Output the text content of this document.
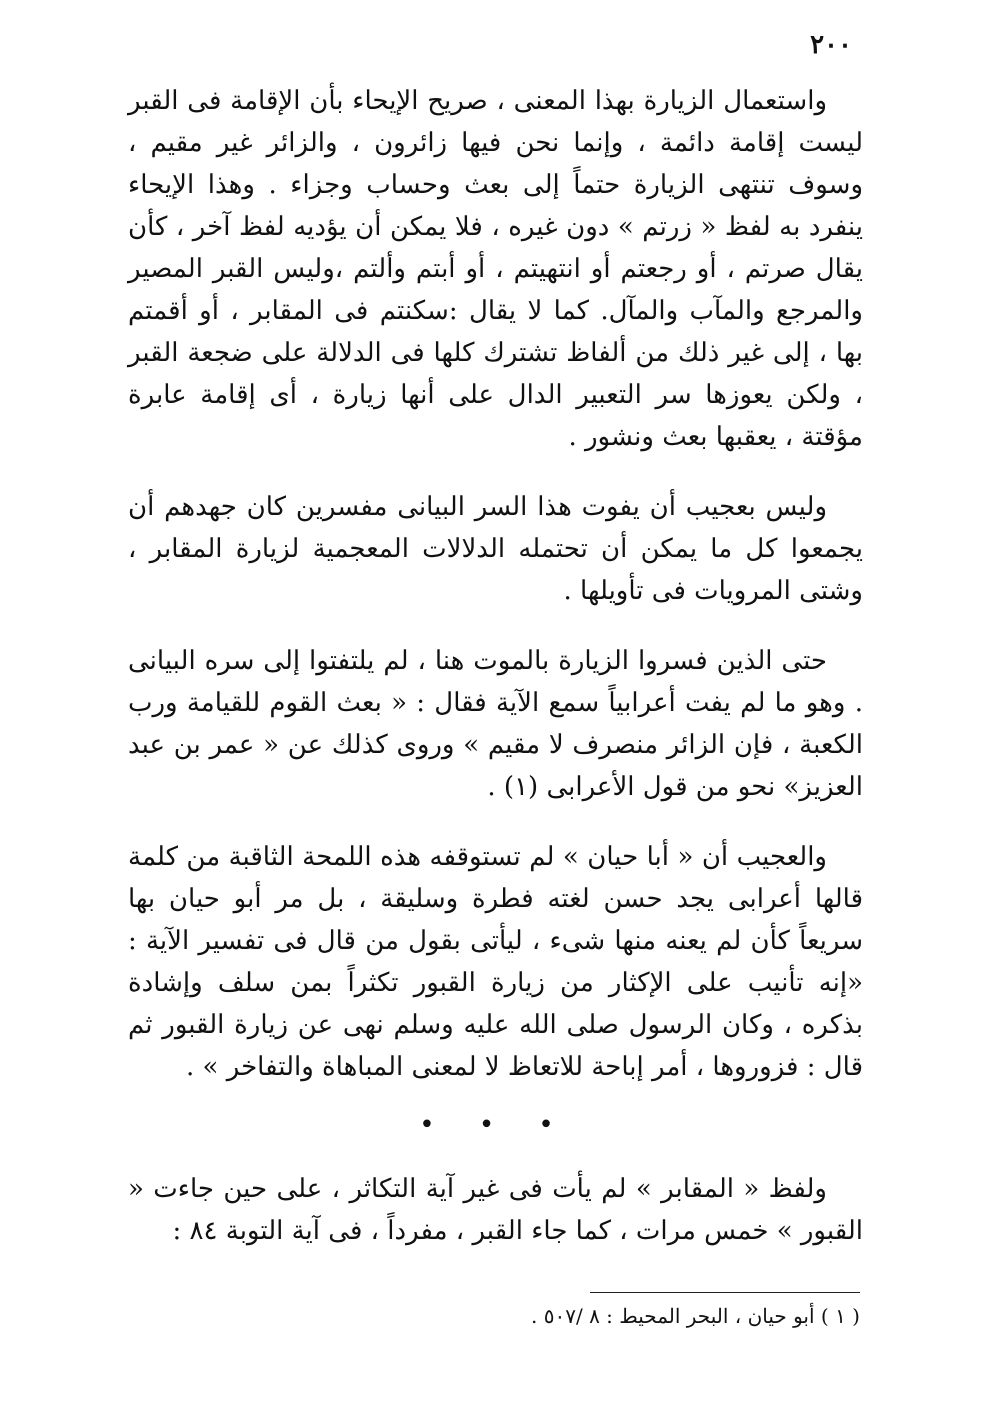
٢٠٠

واستعمال الزيارة بهذا المعنى ، صريح الإيحاء بأن الإقامة فى القبر ليست إقامة دائمة ، وإنما نحن فيها زائرون ، والزائر غير مقيم ، وسوف تنتهى الزيارة حتماً إلى بعث وحساب وجزاء . وهذا الإيحاء ينفرد به لفظ « زرتم » دون غيره ، فلا يمكن أن يؤديه لفظ آخر ، كأن يقال صرتم ، أو رجعتم أو انتهيتم ، أو أبتم وألتم ،وليس القبر المصير والمرجع والمآب والمآل. كما لا يقال :سكنتم فى المقابر ، أو أقمتم بها ، إلى غير ذلك من ألفاظ تشترك كلها فى الدلالة على ضجعة القبر ، ولكن يعوزها سر التعبير الدال على أنها زيارة ، أى إقامة عابرة مؤقتة ، يعقبها بعث ونشور .

وليس بعجيب أن يفوت هذا السر البيانى مفسرين كان جهدهم أن يجمعوا كل ما يمكن أن تحتمله الدلالات المعجمية لزيارة المقابر ، وشتى المرويات فى تأويلها .

حتى الذين فسروا الزيارة بالموت هنا ، لم يلتفتوا إلى سره البيانى . وهو ما لم يفت أعرابياً سمع الآية فقال : « بعث القوم للقيامة ورب الكعبة ، فإن الزائر منصرف لا مقيم » وروى كذلك عن « عمر بن عبد العزيز» نحو من قول الأعرابى (١) .

والعجيب أن « أبا حيان » لم تستوقفه هذه اللمحة الثاقبة من كلمة قالها أعرابى يجد حسن لغته فطرة وسليقة ، بل مر أبو حيان بها سريعاً كأن لم يعنه منها شىء ، ليأتى بقول من قال فى تفسير الآية : «إنه تأنيب على الإكثار من زيارة القبور تكثراً بمن سلف وإشادة بذكره ، وكان الرسول صلى الله عليه وسلم نهى عن زيارة القبور ثم قال : فزوروها ، أمر إباحة للاتعاظ لا لمعنى المباهاة والتفاخر » .

• • •

ولفظ « المقابر » لم يأت فى غير آية التكاثر ، على حين جاءت « القبور » خمس مرات ، كما جاء القبر ، مفرداً ، فى آية التوبة ٨٤ :

( ١ ) أبو حيان ، البحر المحيط : ٨ /٥٠٧ .
